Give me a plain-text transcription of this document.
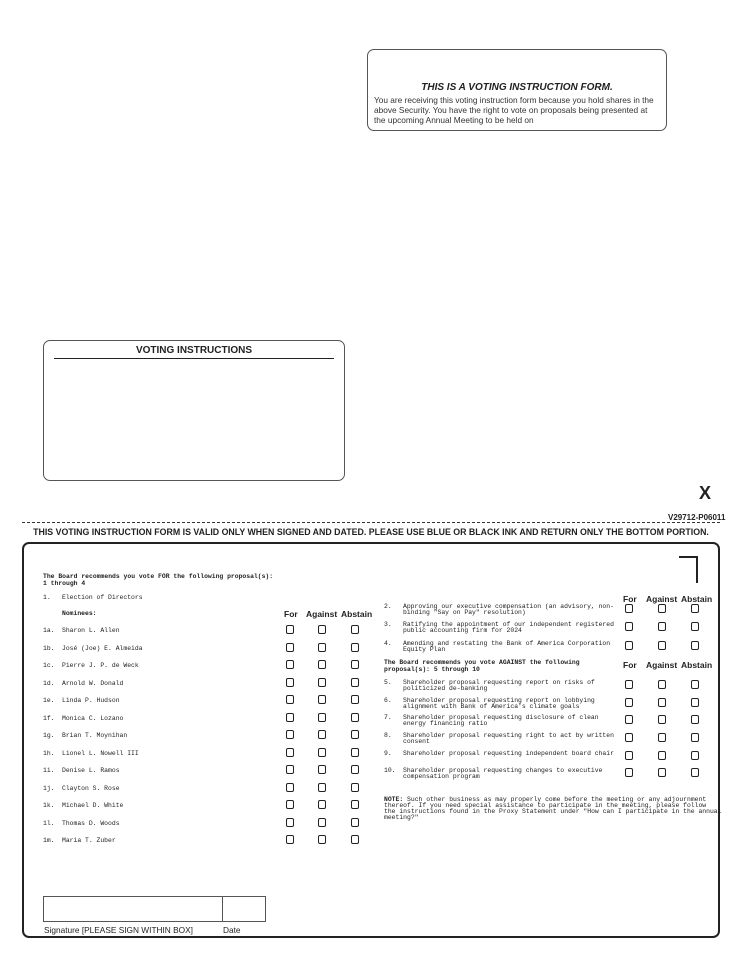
THIS IS A VOTING INSTRUCTION FORM.
You are receiving this voting instruction form because you hold shares in the above Security. You have the right to vote on proposals being presented at the upcoming Annual Meeting to be held on
VOTING INSTRUCTIONS
X
V29712-P06011
THIS VOTING INSTRUCTION FORM IS VALID ONLY WHEN SIGNED AND DATED. PLEASE USE BLUE OR BLACK INK AND RETURN ONLY THE BOTTOM PORTION.
The Board recommends you vote FOR the following proposal(s):
1 through 4
1. Election of Directors
Nominees:	For Against Abstain
1a. Sharon L. Allen
1b. José (Joe) E. Almeida
1c. Pierre J. P. de Weck
1d. Arnold W. Donald
1e. Linda P. Hudson
1f. Monica C. Lozano
1g. Brian T. Moynihan
1h. Lionel L. Nowell III
1i. Denise L. Ramos
1j. Clayton S. Rose
1k. Michael D. White
1l. Thomas D. Woods
1m. Maria T. Zuber
For Against Abstain
2. Approving our executive compensation (an advisory, non-
binding "Say on Pay" resolution)
3. Ratifying the appointment of our independent registered
public accounting firm for 2024
4. Amending and restating the Bank of America Corporation
Equity Plan
The Board recommends you vote AGAINST the following
proposal(s): 5 through 10	For Against Abstain
5. Shareholder proposal requesting report on risks of
politicized de-banking
6. Shareholder proposal requesting report on lobbying
alignment with Bank of America's climate goals
7. Shareholder proposal requesting disclosure of clean
energy financing ratio
8. Shareholder proposal requesting right to act by written
consent
9. Shareholder proposal requesting independent board chair
10. Shareholder proposal requesting changes to executive
compensation program
NOTE: Such other business as may properly come before the meeting or any adjournment
thereof. If you need special assistance to participate in the meeting, please follow
the instructions found in the Proxy Statement under "How can I participate in the annual
meeting?"
Signature [PLEASE SIGN WITHIN BOX]	Date
